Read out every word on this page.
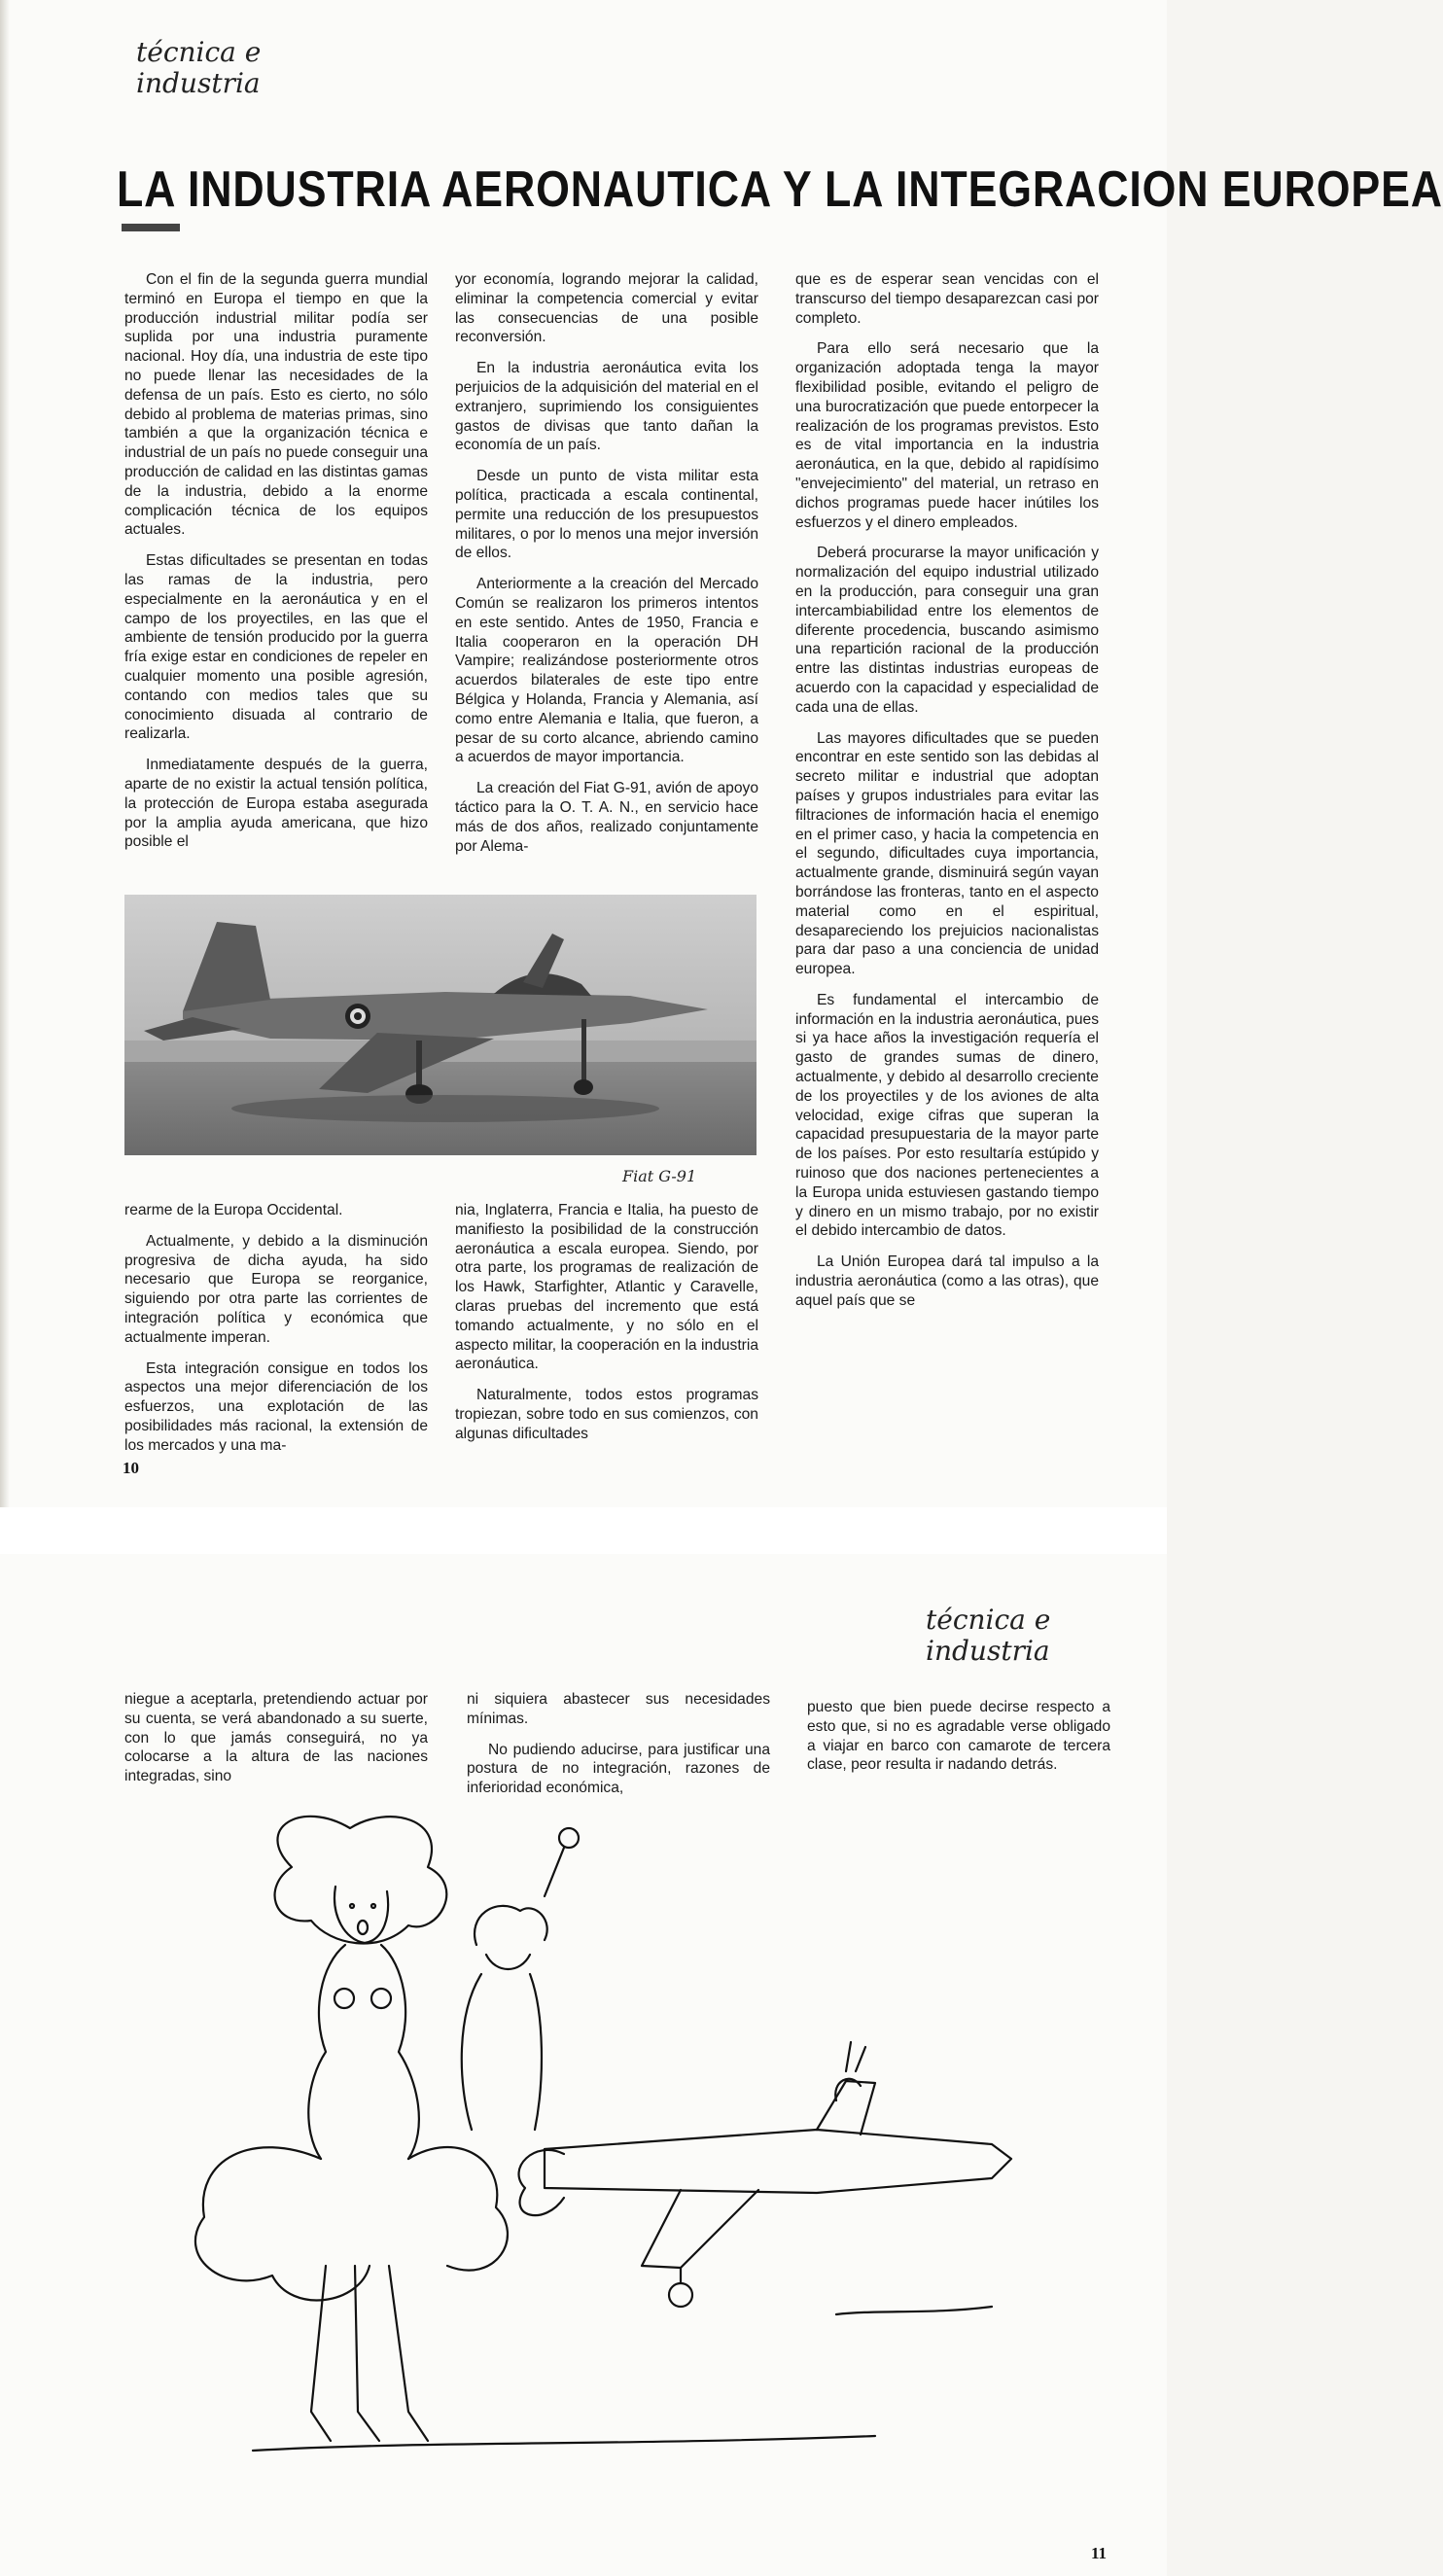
técnica e
industria
LA INDUSTRIA AERONAUTICA Y LA INTEGRACION EUROPEA

Con el fin de la segunda guerra mundial terminó en Europa el tiempo en que la producción industrial militar podía ser suplida por una industria puramente nacional. Hoy día, una industria de este tipo no puede llenar las necesidades de la defensa de un país. Esto es cierto, no sólo debido al problema de materias primas, sino también a que la organización técnica e industrial de un país no puede conseguir una producción de calidad en las distintas gamas de la industria, debido a la enorme complicación técnica de los equipos actuales.

Estas dificultades se presentan en todas las ramas de la industria, pero especialmente en la aeronáutica y en el campo de los proyectiles, en las que el ambiente de tensión producido por la guerra fría exige estar en condiciones de repeler en cualquier momento una posible agresión, contando con medios tales que su conocimiento disuada al contrario de realizarla.

Inmediatamente después de la guerra, aparte de no existir la actual tensión política, la protección de Europa estaba asegurada por la amplia ayuda americana, que hizo posible el

yor economía, logrando mejorar la calidad, eliminar la competencia comercial y evitar las consecuencias de una posible reconversión.

En la industria aeronáutica evita los perjuicios de la adquisición del material en el extranjero, suprimiendo los consiguientes gastos de divisas que tanto dañan la economía de un país.

Desde un punto de vista militar esta política, practicada a escala continental, permite una reducción de los presupuestos militares, o por lo menos una mejor inversión de ellos.

Anteriormente a la creación del Mercado Común se realizaron los primeros intentos en este sentido. Antes de 1950, Francia e Italia cooperaron en la operación DH Vampire; realizándose posteriormente otros acuerdos bilaterales de este tipo entre Bélgica y Holanda, Francia y Alemania, así como entre Alemania e Italia, que fueron, a pesar de su corto alcance, abriendo camino a acuerdos de mayor importancia.

La creación del Fiat G-91, avión de apoyo táctico para la O. T. A. N., en servicio hace más de dos años, realizado conjuntamente por Alema-

que es de esperar sean vencidas con el transcurso del tiempo desaparezcan casi por completo.

Para ello será necesario que la organización adoptada tenga la mayor flexibilidad posible, evitando el peligro de una burocratización que puede entorpecer la realización de los programas previstos. Esto es de vital importancia en la industria aeronáutica, en la que, debido al rapidísimo "envejecimiento" del material, un retraso en dichos programas puede hacer inútiles los esfuerzos y el dinero empleados.

Deberá procurarse la mayor unificación y normalización del equipo industrial utilizado en la producción, para conseguir una gran intercambiabilidad entre los elementos de diferente procedencia, buscando asimismo una repartición racional de la producción entre las distintas industrias europeas de acuerdo con la capacidad y especialidad de cada una de ellas.

Las mayores dificultades que se pueden encontrar en este sentido son las debidas al secreto militar e industrial que adoptan países y grupos industriales para evitar las filtraciones de información hacia el enemigo en el primer caso, y hacia la competencia en el segundo, dificultades cuya importancia, actualmente grande, disminuirá según vayan borrándose las fronteras, tanto en el aspecto material como en el espiritual, desapareciendo los prejuicios nacionalistas para dar paso a una conciencia de unidad europea.

Es fundamental el intercambio de información en la industria aeronáutica, pues si ya hace años la investigación requería el gasto de grandes sumas de dinero, actualmente, y debido al desarrollo creciente de los proyectiles y de los aviones de alta velocidad, exige cifras que superan la capacidad presupuestaria de la mayor parte de los países. Por esto resultaría estúpido y ruinoso que dos naciones pertenecientes a la Europa unida estuviesen gastando tiempo y dinero en un mismo trabajo, por no existir el debido intercambio de datos.

La Unión Europea dará tal impulso a la industria aeronáutica (como a las otras), que aquel país que se

Fiat G-91

rearme de la Europa Occidental.

Actualmente, y debido a la disminución progresiva de dicha ayuda, ha sido necesario que Europa se reorganice, siguiendo por otra parte las corrientes de integración política y económica que actualmente imperan.

Esta integración consigue en todos los aspectos una mejor diferenciación de los esfuerzos, una explotación de las posibilidades más racional, la extensión de los mercados y una ma-

nia, Inglaterra, Francia e Italia, ha puesto de manifiesto la posibilidad de la construcción aeronáutica a escala europea. Siendo, por otra parte, los programas de realización de los Hawk, Starfighter, Atlantic y Caravelle, claras pruebas del incremento que está tomando actualmente, y no sólo en el aspecto militar, la cooperación en la industria aeronáutica.

Naturalmente, todos estos programas tropiezan, sobre todo en sus comienzos, con algunas dificultades

10
técnica e
industria

niegue a aceptarla, pretendiendo actuar por su cuenta, se verá abandonado a su suerte, con lo que jamás conseguirá, no ya colocarse a la altura de las naciones integradas, sino

ni siquiera abastecer sus necesidades mínimas.

No pudiendo aducirse, para justificar una postura de no integración, razones de inferioridad económica,

puesto que bien puede decirse respecto a esto que, si no es agradable verse obligado a viajar en barco con camarote de tercera clase, peor resulta ir nadando detrás.

11
